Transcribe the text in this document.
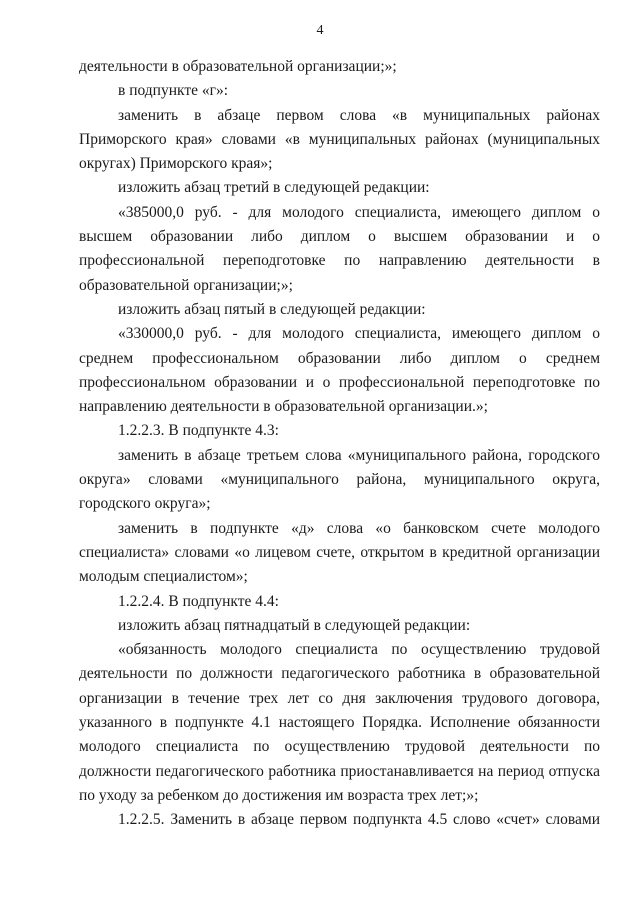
4

деятельности в образовательной организации;»;

в подпункте «г»:

заменить в абзаце первом слова «в муниципальных районах Приморского края» словами «в муниципальных районах (муниципальных округах) Приморского края»;

изложить абзац третий в следующей редакции:

«385000,0 руб. - для молодого специалиста, имеющего диплом о высшем образовании либо диплом о высшем образовании и о профессиональной переподготовке по направлению деятельности в образовательной организации;»;

изложить абзац пятый в следующей редакции:

«330000,0 руб. - для молодого специалиста, имеющего диплом о среднем профессиональном образовании либо диплом о среднем профессиональном образовании и о профессиональной переподготовке по направлению деятельности в образовательной организации.»;

1.2.2.3. В подпункте 4.3:

заменить в абзаце третьем слова «муниципального района, городского округа» словами «муниципального района, муниципального округа, городского округа»;

заменить в подпункте «д» слова «о банковском счете молодого специалиста» словами «о лицевом счете, открытом в кредитной организации молодым специалистом»;

1.2.2.4. В подпункте 4.4:

изложить абзац пятнадцатый в следующей редакции:

«обязанность молодого специалиста по осуществлению трудовой деятельности по должности педагогического работника в образовательной организации в течение трех лет со дня заключения трудового договора, указанного в подпункте 4.1 настоящего Порядка. Исполнение обязанности молодого специалиста по осуществлению трудовой деятельности по должности педагогического работника приостанавливается на период отпуска по уходу за ребенком до достижения им возраста трех лет;»;

1.2.2.5. Заменить в абзаце первом подпункта 4.5 слово «счет» словами
